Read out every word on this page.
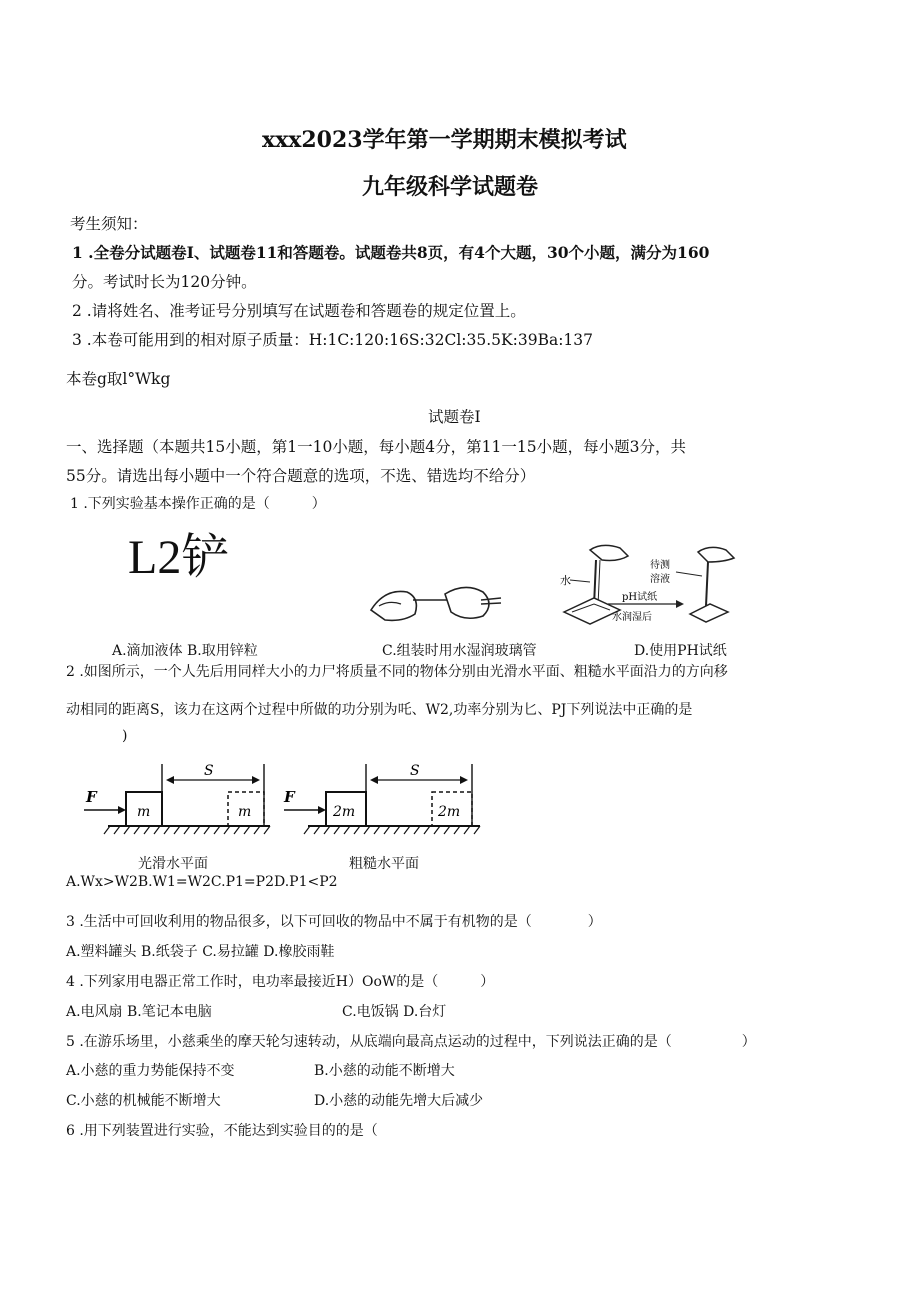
xxx2023学年第一学期期末模拟考试
九年级科学试题卷
考生须知：
1 .全卷分试题卷I、试题卷11和答题卷。试题卷共8页，有4个大题，30个小题，满分为160
分。考试时长为120分钟。
2 .请将姓名、准考证号分别填写在试题卷和答题卷的规定位置上。
3 .本卷可能用到的相对原子质量：H:1C:120:16S:32Cl:35.5K:39Ba:137
本卷g取l°Wkg
试题卷I
一、选择题（本题共15小题，第1一10小题，每小题4分，第11一15小题，每小题3分，共
55分。请选出每小题中一个符合题意的选项，不选、错选均不给分）
1 .下列实验基本操作正确的是（　　　）
L2铲	水
pH试纸
水润湿后
待测
溶液
A.滴加液体 B.取用锌粒	C.组装时用水湿润玻璃管	D.使用PH试纸
2 .如图所示，一个人先后用同样大小的力尸将质量不同的物体分别由光滑水平面、粗糙水平面沿力的方向移
动相同的距离S，该力在这两个过程中所做的功分别为吒、W2,功率分别为匕、PJ下列说法中正确的是
)
F
m
S
m
F
2m
S
2m
光滑水平面	粗糙水平面
A.Wx>W2B.W1=W2C.P1=P2D.P1<P2
3 .生活中可回收利用的物品很多，以下可回收的物品中不属于有机物的是（　　　　）
A.塑料罐头 B.纸袋子 C.易拉罐 D.橡胶雨鞋
4 .下列家用电器正常工作时，电功率最接近H）OoW的是（　　　）
A.电风扇 B.笔记本电脑	C.电饭锅 D.台灯
5 .在游乐场里，小慈乘坐的摩天轮匀速转动，从底端向最高点运动的过程中，下列说法正确的是（　　　　　）
A.小慈的重力势能保持不变	B.小慈的动能不断增大
C.小慈的机械能不断增大	D.小慈的动能先增大后减少
6 .用下列装置进行实验，不能达到实验目的的是（
